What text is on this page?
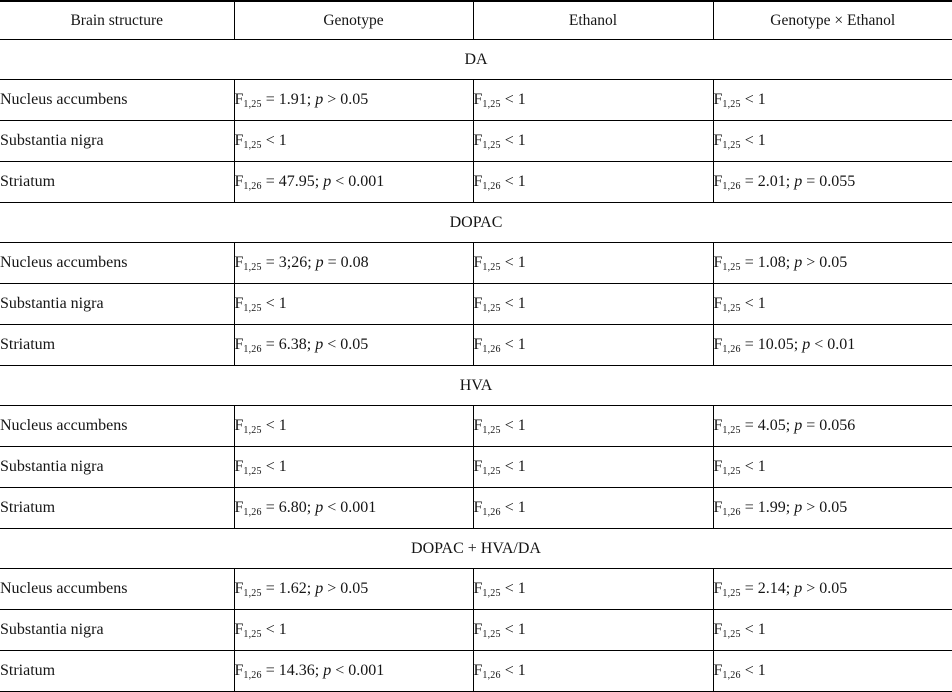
Brain structure	Genotype	Ethanol	Genotype × Ethanol
DA			
Nucleus accumbens	$F_{1,25} = 1.91$; p > 0.05	$F_{1,25} < 1$	$F_{1,25} < 1$
Substantia nigra	$F_{1,25} < 1$	$F_{1,25} < 1$	$F_{1,25} < 1$
Striatum	$F_{1,26} = 47.95$; p < 0.001	$F_{1,26} < 1$	$F_{1,26} = 2.01$; p = 0.055
DOPAC			
Nucleus accumbens	$F_{1,25}$ = 3;26; p = 0.08	$F_{1,25} < 1$	$F_{1,25} = 1.08$; p > 0.05
Substantia nigra	$F_{1,25} < 1$	$F_{1,25} < 1$	$F_{1,25} < 1$
Striatum	$F_{1,26} = 6.38$; p < 0.05	$F_{1,26} < 1$	$F_{1,26} = 10.05$; p < 0.01
HVA			
Nucleus accumbens	$F_{1,25} < 1$	$F_{1,25} < 1$	$F_{1,25} = 4.05$; p = 0.056
Substantia nigra	$F_{1,25} < 1$	$F_{1,25} < 1$	$F_{1,25} < 1$
Striatum	$F_{1,26} = 6.80$; p < 0.001	$F_{1,26} < 1$	$F_{1,26} = 1.99$; p > 0.05
DOPAC + HVA/DA			
Nucleus accumbens	$F_{1,25} = 1.62$; p > 0.05	$F_{1,25} < 1$	$F_{1,25} = 2.14$; p > 0.05
Substantia nigra	$F_{1,25} < 1$	$F_{1,25} < 1$	$F_{1,25} < 1$
Striatum	$F_{1,26} = 14.36$; p < 0.001	$F_{1,26} < 1$	$F_{1,26} < 1$
